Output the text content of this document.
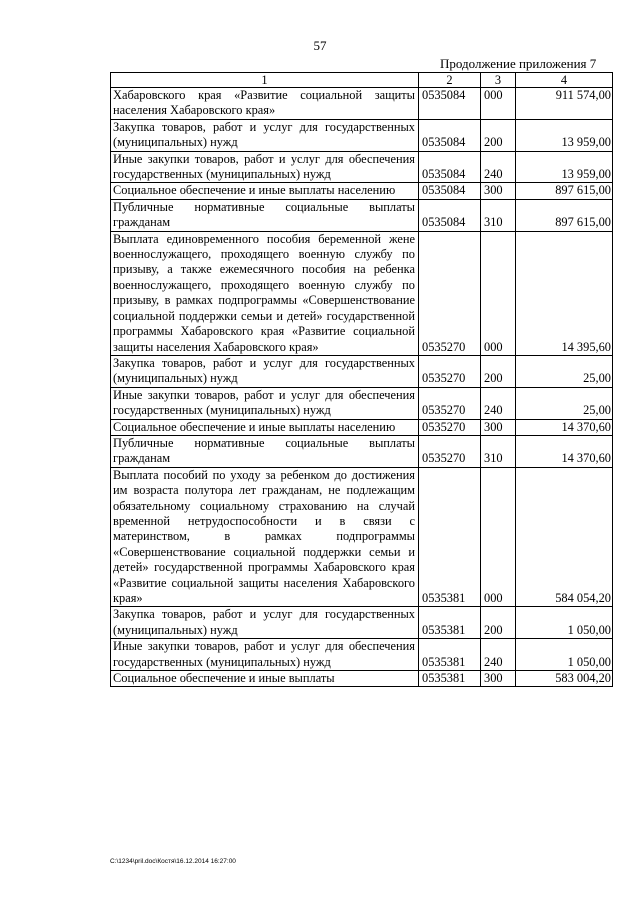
57
Продолжение приложения 7
1	2	3	4
Хабаровского края «Развитие социальной защиты населения Хабаровского края»	0535084	000	911 574,00
Закупка товаров, работ и услуг для государственных (муниципальных) нужд	0535084	200	13 959,00
Иные закупки товаров, работ и услуг для обеспечения государственных (муниципальных) нужд	0535084	240	13 959,00
Социальное обеспечение и иные выплаты населению	0535084	300	897 615,00
Публичные нормативные социальные выплаты гражданам	0535084	310	897 615,00
Выплата единовременного пособия беременной жене военнослужащего, проходящего военную службу по призыву, а также ежемесячного пособия на ребенка военнослужащего, проходящего военную службу по призыву, в рамках подпрограммы «Совершенствование социальной поддержки семьи и детей» государственной программы Хабаровского края «Развитие социальной защиты населения Хабаровского края»	0535270	000	14 395,60
Закупка товаров, работ и услуг для государственных (муниципальных) нужд	0535270	200	25,00
Иные закупки товаров, работ и услуг для обеспечения государственных (муниципальных) нужд	0535270	240	25,00
Социальное обеспечение и иные выплаты населению	0535270	300	14 370,60
Публичные нормативные социальные выплаты гражданам	0535270	310	14 370,60
Выплата пособий по уходу за ребенком до достижения им возраста полутора лет гражданам, не подлежащим обязательному социальному страхованию на случай временной нетрудоспособности и в связи с материнством, в рамках подпрограммы «Совершенствование социальной поддержки семьи и детей» государственной программы Хабаровского края «Развитие социальной защиты населения Хабаровского края»	0535381	000	584 054,20
Закупка товаров, работ и услуг для государственных (муниципальных) нужд	0535381	200	1 050,00
Иные закупки товаров, работ и услуг для обеспечения государственных (муниципальных) нужд	0535381	240	1 050,00
Социальное обеспечение и иные выплаты	0535381	300	583 004,20
C:\1234\pril.doc\Костя\16.12.2014 16:27:00
